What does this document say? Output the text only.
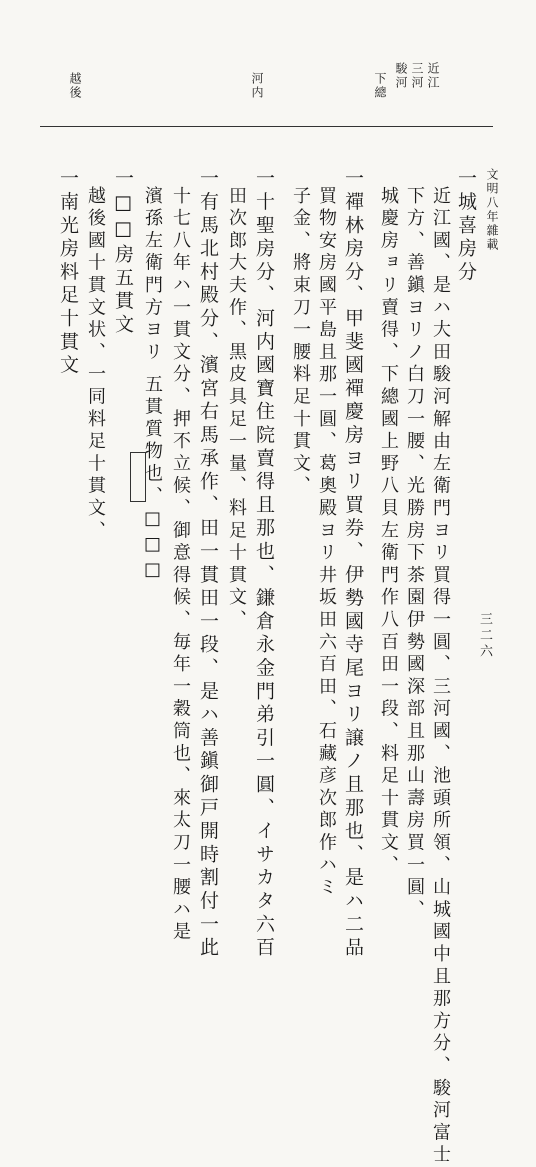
近江
三河
駿河
下總
河内
越後
文明八年雜載
三二六
一城喜房分
近江國、是ハ大田駿河解由左衛門ヨリ買得一圓、三河國、池頭所領、山城國中且那方分、駿河富士
下方、善鎭ヨリノ白刀一腰、光勝房下茶園伊勢國深部且那山壽房買一圓、
城慶房ョリ賣得、下總國上野八貝左衛門作八百田一段、料足十貫文、
一禪林房分、甲斐國禪慶房ヨリ買券、伊勢國寺尾ヨリ譲ノ且那也、是ハ二品
買物安房國平島且那一圓、葛奧殿ヨリ井坂田六百田、石藏彦次郎作ハミ
子金、將束刀一腰料足十貫文、
一十聖房分、河内國寶住院賣得且那也、鎌倉永金門弟引一圓、イサカタ六百
田次郎大夫作、黒皮具足一量、料足十貫文、
一有馬北村殿分、濱宮右馬承作、田一貫田一段、是ハ善鎭御戸開時割付一此
十七八年ハ一貫文分、押不立候、御意得候、毎年一穀筒也、來太刀一腰ハ是
濱孫左衛門方ヨリ 五貫質物也、□□□
一□□房五貫文
越後國十貫文状、一同料足十貫文、
一南光房料足十貫文
